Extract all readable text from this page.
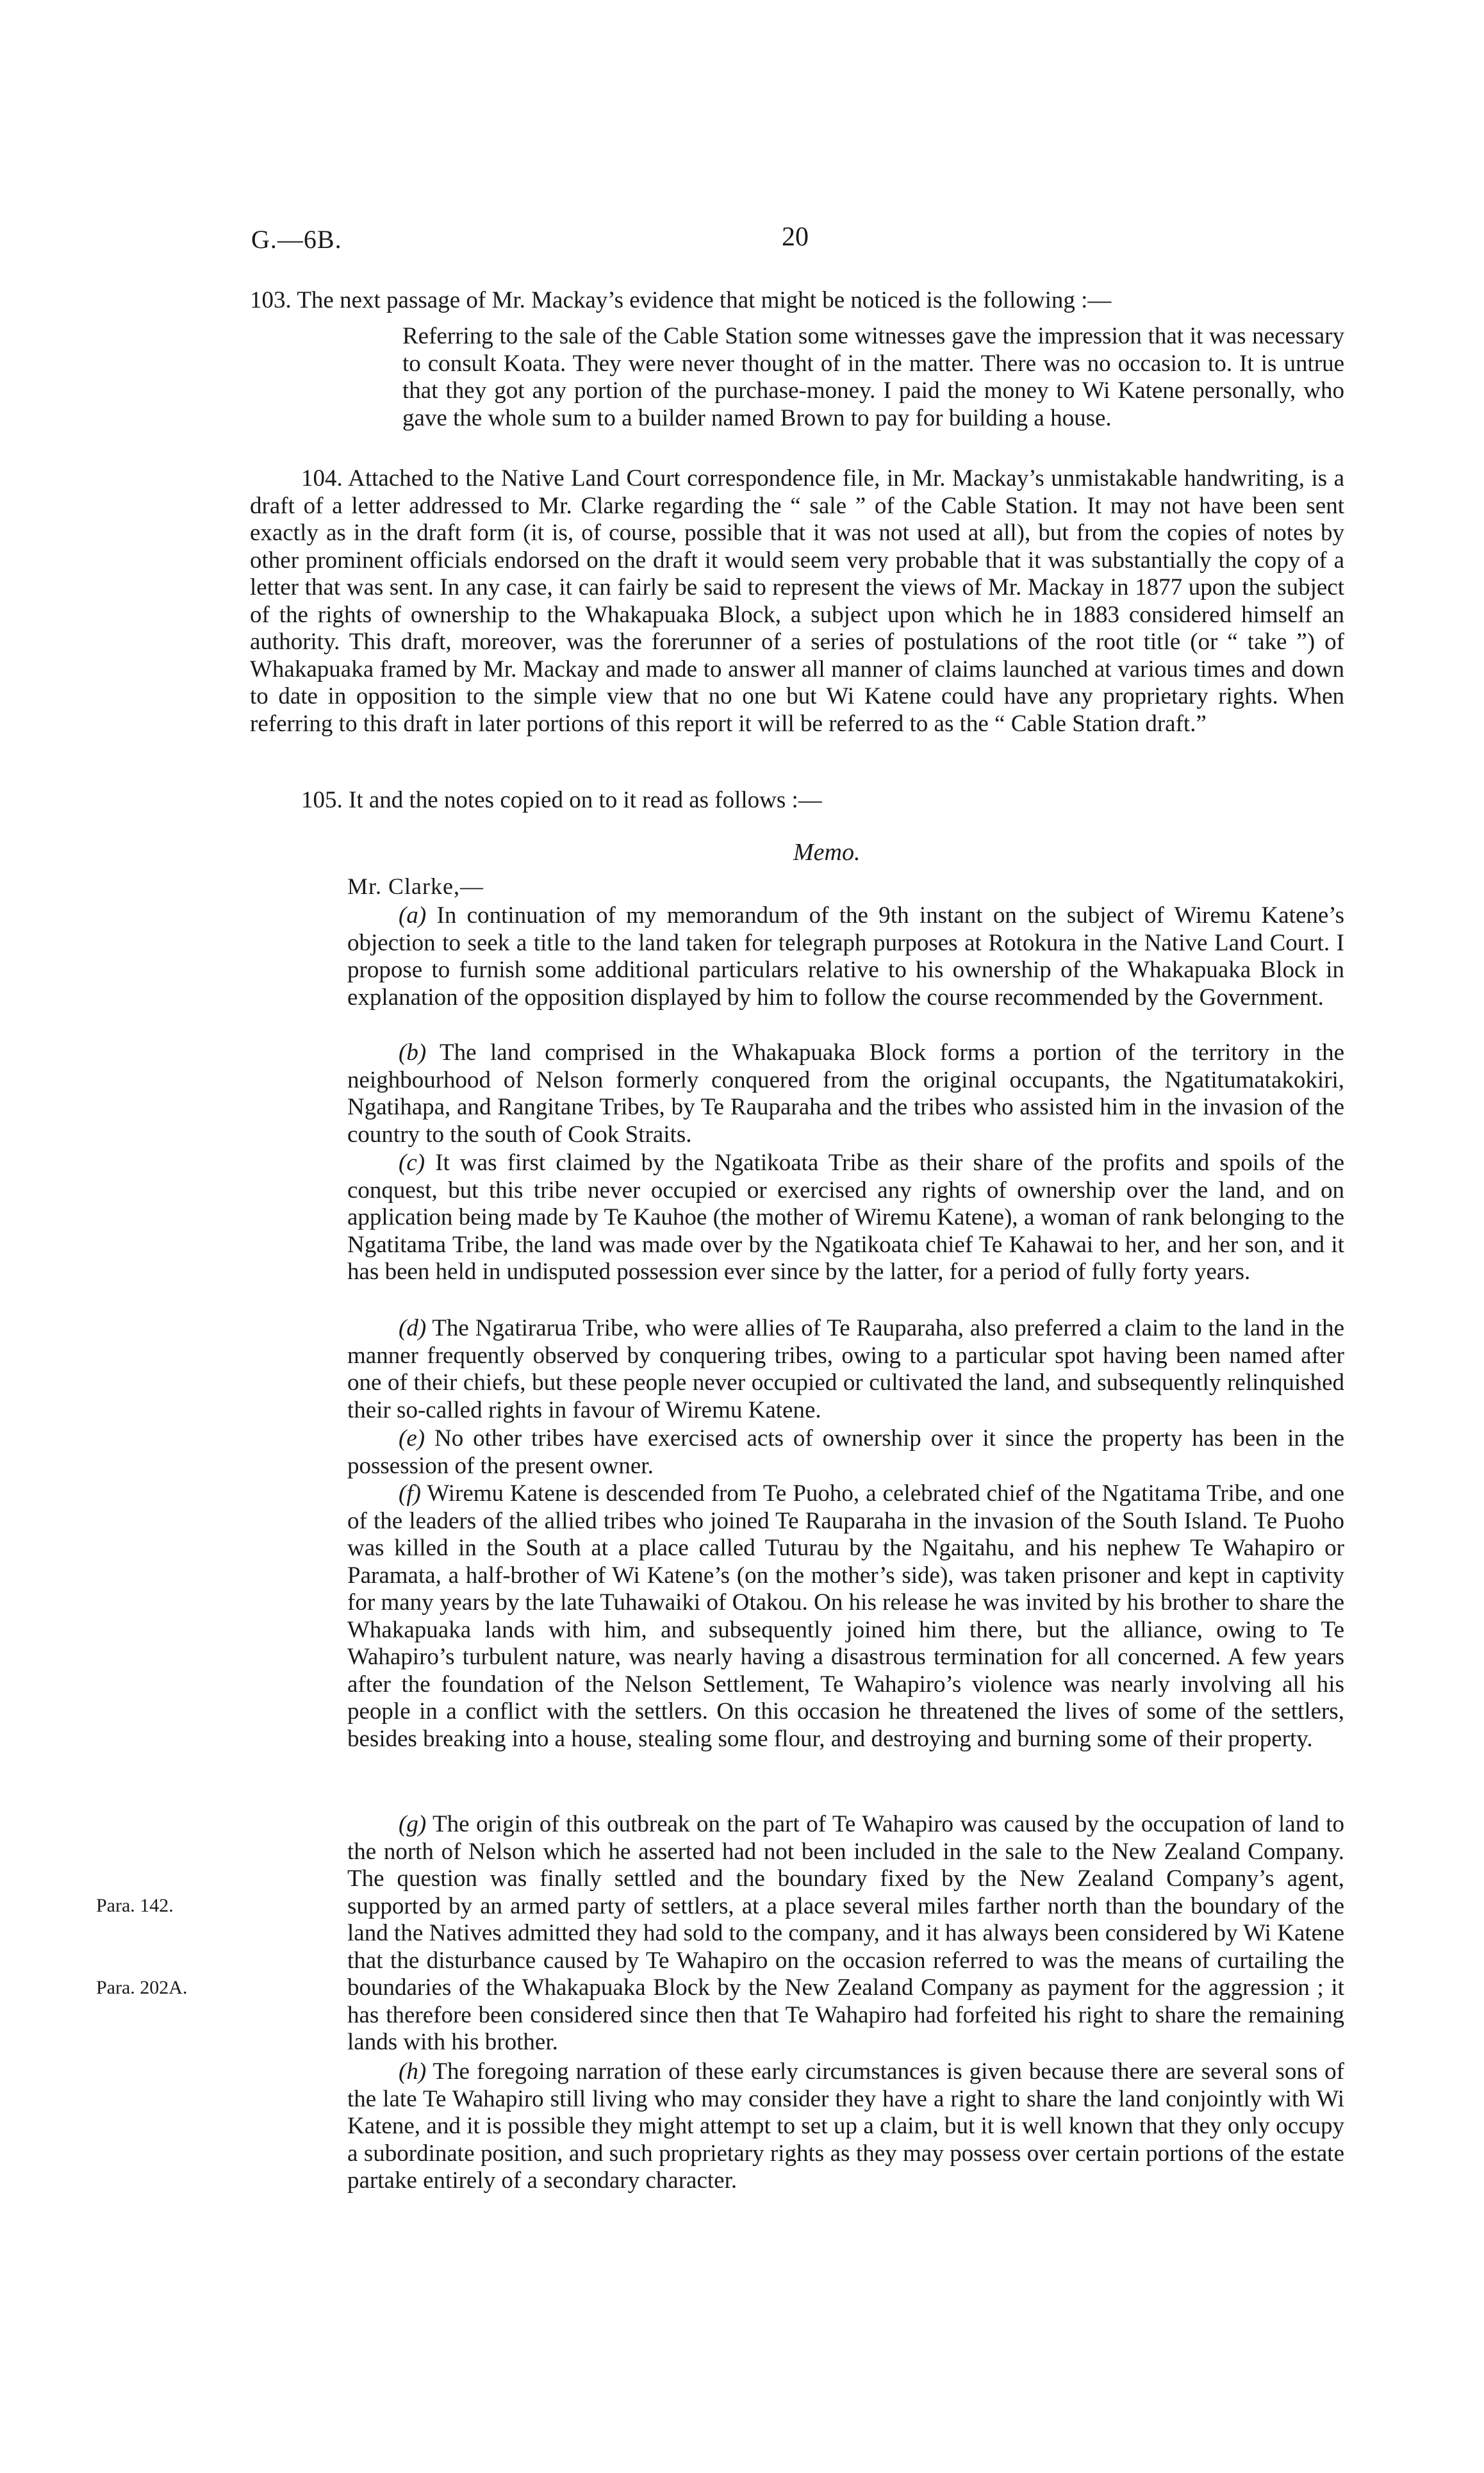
G.—6B.	20

103. The next passage of Mr. Mackay’s evidence that might be noticed is the following :—

Referring to the sale of the Cable Station some witnesses gave the impression that it was necessary to consult Koata. They were never thought of in the matter. There was no occasion to. It is untrue that they got any portion of the purchase-money. I paid the money to Wi Katene personally, who gave the whole sum to a builder named Brown to pay for building a house.

104. Attached to the Native Land Court correspondence file, in Mr. Mackay’s unmistakable handwriting, is a draft of a letter addressed to Mr. Clarke regarding the “ sale ” of the Cable Station. It may not have been sent exactly as in the draft form (it is, of course, possible that it was not used at all), but from the copies of notes by other prominent officials endorsed on the draft it would seem very probable that it was substantially the copy of a letter that was sent. In any case, it can fairly be said to represent the views of Mr. Mackay in 1877 upon the subject of the rights of ownership to the Whakapuaka Block, a subject upon which he in 1883 considered himself an authority. This draft, moreover, was the forerunner of a series of postulations of the root title (or “ take ”) of Whakapuaka framed by Mr. Mackay and made to answer all manner of claims launched at various times and down to date in opposition to the simple view that no one but Wi Katene could have any proprietary rights. When referring to this draft in later portions of this report it will be referred to as the “ Cable Station draft.”

105. It and the notes copied on to it read as follows :—

Memo.
Mr. Clarke,—

(a) In continuation of my memorandum of the 9th instant on the subject of Wiremu Katene’s objection to seek a title to the land taken for telegraph purposes at Rotokura in the Native Land Court. I propose to furnish some additional particulars relative to his ownership of the Whakapuaka Block in explanation of the opposition displayed by him to follow the course recommended by the Government.

(b) The land comprised in the Whakapuaka Block forms a portion of the territory in the neighbourhood of Nelson formerly conquered from the original occupants, the Ngatitumatakokiri, Ngatihapa, and Rangitane Tribes, by Te Rauparaha and the tribes who assisted him in the invasion of the country to the south of Cook Straits.

(c) It was first claimed by the Ngatikoata Tribe as their share of the profits and spoils of the conquest, but this tribe never occupied or exercised any rights of ownership over the land, and on application being made by Te Kauhoe (the mother of Wiremu Katene), a woman of rank belonging to the Ngatitama Tribe, the land was made over by the Ngatikoata chief Te Kahawai to her, and her son, and it has been held in undisputed possession ever since by the latter, for a period of fully forty years.

(d) The Ngatirarua Tribe, who were allies of Te Rauparaha, also preferred a claim to the land in the manner frequently observed by conquering tribes, owing to a particular spot having been named after one of their chiefs, but these people never occupied or cultivated the land, and subsequently relinquished their so-called rights in favour of Wiremu Katene.

(e) No other tribes have exercised acts of ownership over it since the property has been in the possession of the present owner.

(f) Wiremu Katene is descended from Te Puoho, a celebrated chief of the Ngatitama Tribe, and one of the leaders of the allied tribes who joined Te Rauparaha in the invasion of the South Island. Te Puoho was killed in the South at a place called Tuturau by the Ngaitahu, and his nephew Te Wahapiro or Paramata, a half-brother of Wi Katene’s (on the mother’s side), was taken prisoner and kept in captivity for many years by the late Tuhawaiki of Otakou. On his release he was invited by his brother to share the Whakapuaka lands with him, and subsequently joined him there, but the alliance, owing to Te Wahapiro’s turbulent nature, was nearly having a disastrous termination for all concerned. A few years after the foundation of the Nelson Settlement, Te Wahapiro’s violence was nearly involving all his people in a conflict with the settlers. On this occasion he threatened the lives of some of the settlers, besides breaking into a house, stealing some flour, and destroying and burning some of their property.

(g) The origin of this outbreak on the part of Te Wahapiro was caused by the occupation of land to the north of Nelson which he asserted had not been included in the sale to the New Zealand Company. The question was finally settled and the boundary fixed by the New Zealand Company’s agent, supported by an armed party of settlers, at a place several miles farther north than the boundary of the land the Natives admitted they had sold to the company, and it has always been considered by Wi Katene that the disturbance caused by Te Wahapiro on the occasion referred to was the means of curtailing the boundaries of the Whakapuaka Block by the New Zealand Company as payment for the aggression ; it has therefore been considered since then that Te Wahapiro had forfeited his right to share the remaining lands with his brother.

(h) The foregoing narration of these early circumstances is given because there are several sons of the late Te Wahapiro still living who may consider they have a right to share the land conjointly with Wi Katene, and it is possible they might attempt to set up a claim, but it is well known that they only occupy a subordinate position, and such proprietary rights as they may possess over certain portions of the estate partake entirely of a secondary character.

Para. 142.
Para. 202A.
